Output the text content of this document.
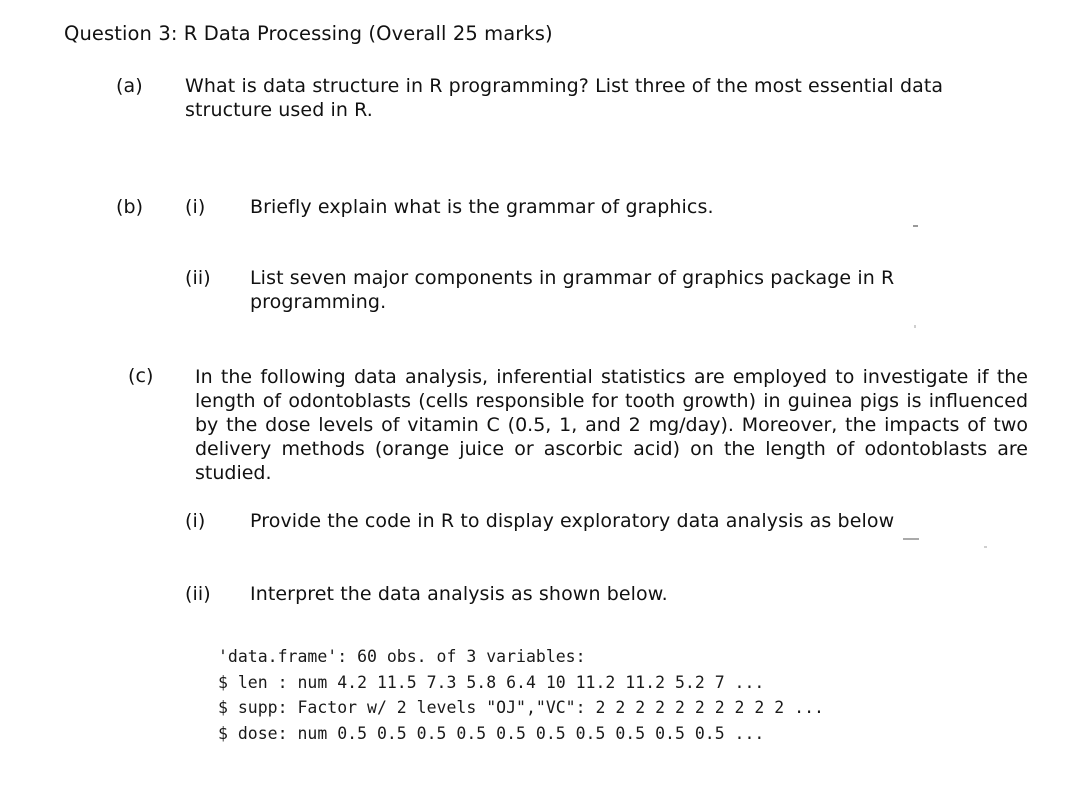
Question 3: R Data Processing (Overall 25 marks)
(a) What is data structure in R programming? List three of the most essential data
structure used in R.
(b) (i) Briefly explain what is the grammar of graphics.
(ii) List seven major components in grammar of graphics package in R
programming.
(c) In the following data analysis, inferential statistics are employed to investigate if the length of odontoblasts (cells responsible for tooth growth) in guinea pigs is influenced by the dose levels of vitamin C (0.5, 1, and 2 mg/day). Moreover, the impacts of two delivery methods (orange juice or ascorbic acid) on the length of odontoblasts are studied.
(i) Provide the code in R to display exploratory data analysis as below
(ii) Interpret the data analysis as shown below.
'data.frame': 60 obs. of 3 variables:
$ len : num 4.2 11.5 7.3 5.8 6.4 10 11.2 11.2 5.2 7 ...
$ supp: Factor w/ 2 levels "OJ","VC": 2 2 2 2 2 2 2 2 2 2 ...
$ dose: num 0.5 0.5 0.5 0.5 0.5 0.5 0.5 0.5 0.5 0.5 ...
